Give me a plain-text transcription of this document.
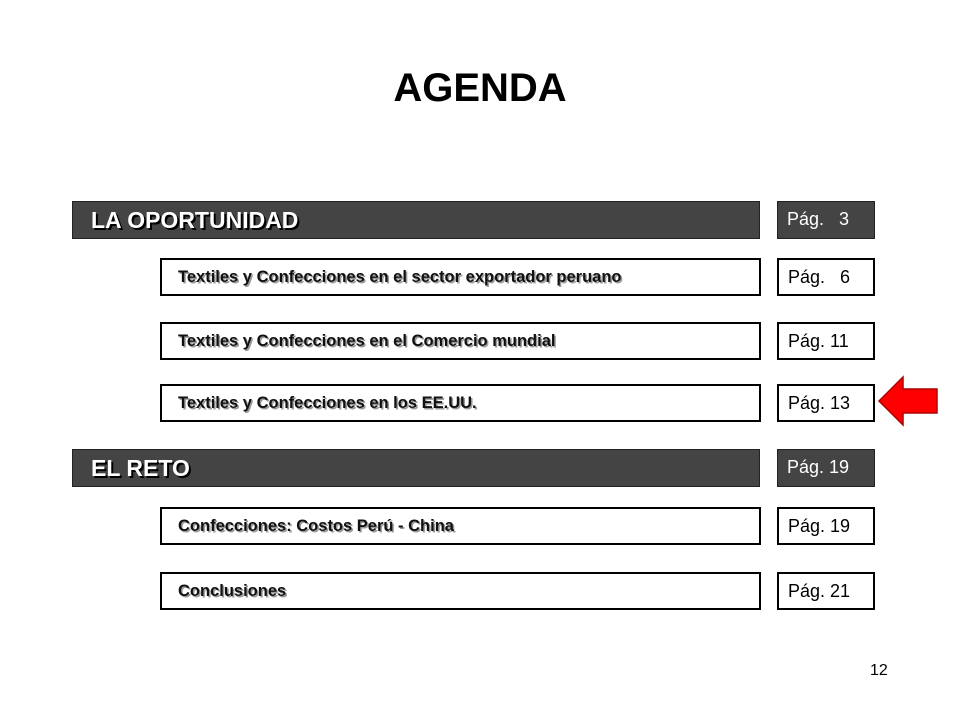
AGENDA
LA OPORTUNIDAD	Pág.   3
Textiles y Confecciones en el sector exportador peruano	Pág.   6
Textiles y Confecciones en el Comercio mundial	Pág. 11
Textiles y Confecciones en los EE.UU.	Pág. 13
EL RETO	Pág. 19
Confecciones: Costos Perú - China	Pág. 19
Conclusiones	Pág. 21
12
